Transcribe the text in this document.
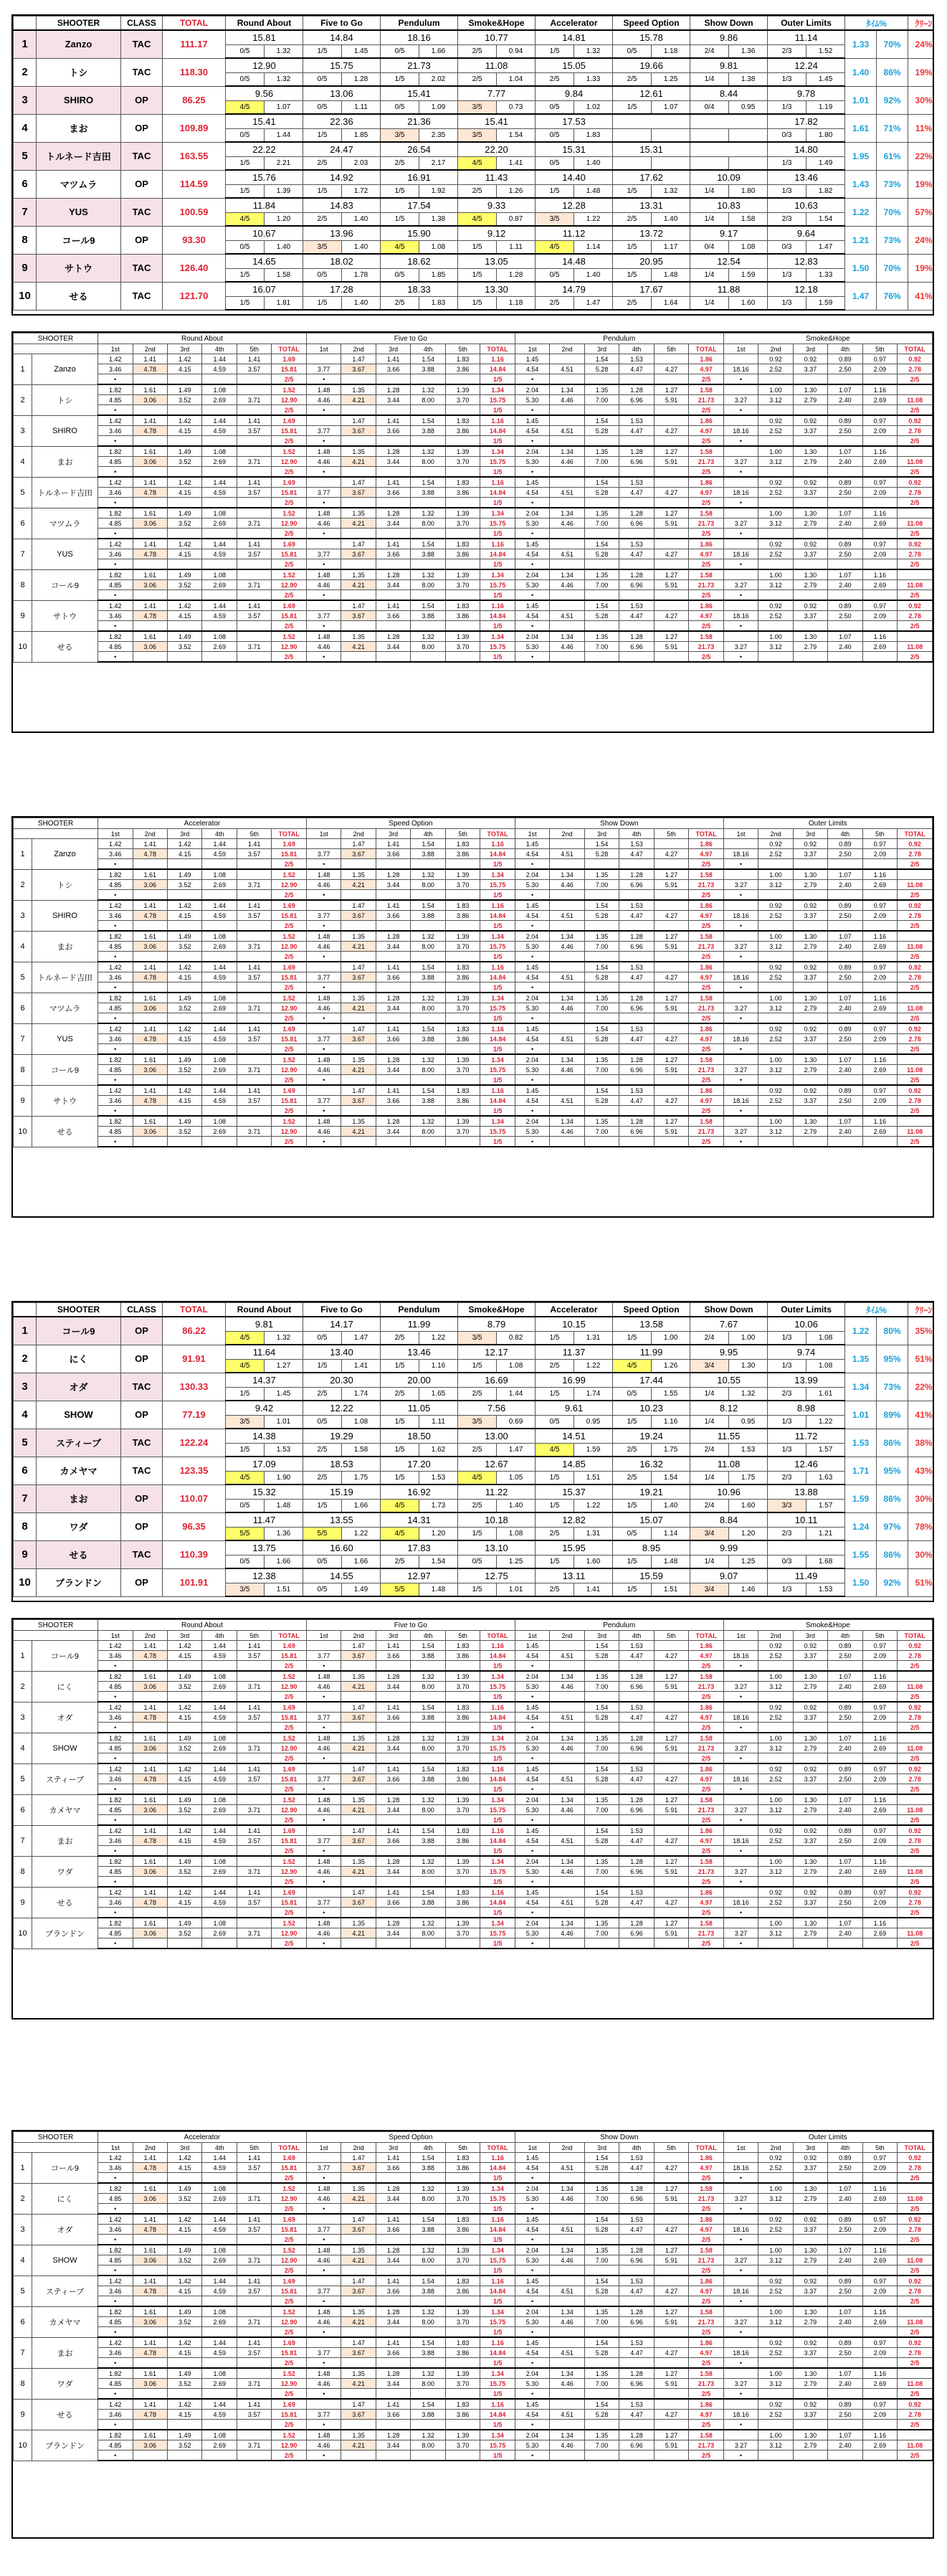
	SHOOTER	CLASS	TOTAL	Round About		Five to Go		Pendulum		Smoke&Hope		Accelerator		Speed Option		Show Down		Outer Limits		ﾀｲﾑ%		ｸﾘｰﾝ
1	Zanzo	TAC	111.17	15.81		14.84		18.16		10.77		14.81		15.78		9.86		11.14		1.33	70%	24%
				0/5	1.32	1/5	1.45	0/5	1.66	2/5	0.94	1/5	1.32	0/5	1.18	2/4	1.36	2/3	1.52			
2	トシ	TAC	118.30	12.90		15.75		21.73		11.08		15.05		19.66		9.81		12.24		1.40	86%	19%
				0/5	1.32	0/5	1.28	1/5	2.02	2/5	1.04	2/5	1.33	2/5	1.25	1/4	1.38	1/3	1.45			
3	SHIRO	OP	86.25	9.56		13.06		15.41		7.77		9.84		12.61		8.44		9.78		1.01	92%	30%
				4/5	1.07	0/5	1.11	0/5	1.09	3/5	0.73	0/5	1.02	1/5	1.07	0/4	0.95	1/3	1.19			
4	まお	OP	109.89	15.41		22.36		21.36		15.41		17.53						17.82		1.61	71%	11%
				0/5	1.44	1/5	1.85	3/5	2.35	3/5	1.54	0/5	1.83					0/3	1.80			
5	トルネード吉田	TAC	163.55	22.22		24.47		26.54		22.20		15.31		15.31				14.80		1.95	61%	22%
				1/5	2.21	2/5	2.03	2/5	2.17	4/5	1.41	0/5	1.40					1/3	1.49			
6	マツムラ	OP	114.59	15.76		14.92		16.91		11.43		14.40		17.62		10.09		13.46		1.43	73%	19%
				1/5	1.39	1/5	1.72	1/5	1.92	2/5	1.26	1/5	1.48	1/5	1.32	1/4	1.80	1/3	1.82			
7	YUS	TAC	100.59	11.84		14.83		17.54		9.33		12.28		13.31		10.83		10.63		1.22	70%	57%
				4/5	1.20	2/5	1.40	1/5	1.38	4/5	0.87	3/5	1.22	2/5	1.40	1/4	1.58	2/3	1.54			
8	コール9	OP	93.30	10.67		13.96		15.90		9.12		11.12		13.72		9.17		9.64		1.21	73%	24%
				0/5	1.40	3/5	1.40	4/5	1.08	1/5	1.11	4/5	1.14	1/5	1.17	0/4	1.08	0/3	1.47			
9	サトウ	TAC	126.40	14.65		18.02		18.62		13.05		14.48		20.95		12.54		12.83		1.50	70%	19%
				1/5	1.58	0/5	1.78	0/5	1.85	1/5	1.28	0/5	1.40	1/5	1.48	1/4	1.59	1/3	1.33			
10	せる	TAC	121.70	16.07		17.28		18.33		13.30		14.79		17.67		11.88		12.18		1.47	76%	41%
				1/5	1.81	1/5	1.40	2/5	1.83	1/5	1.18	2/5	1.47	2/5	1.64	1/4	1.60	1/3	1.59			
SHOOTER		Round About						Five to Go						Pendulum						Smoke&Hope					
		1st	2nd	3rd	4th	5th	TOTAL	1st	2nd	3rd	4th	5th	TOTAL	1st	2nd	3rd	4th	5th	TOTAL	1st	2nd	3rd	4th	5th	TOTAL
1	Zanzo	1.42	1.41	1.42	1.44	1.41	1.69		1.47	1.41	1.54	1.83	1.16	1.45		1.54	1.53		1.86		0.92	0.92	0.89	0.97	0.92
		3.46	4.78	4.15	4.59	3.57	15.81	3.77	3.67	3.66	3.88	3.86	14.84	4.54	4.51	5.28	4.47	4.27	4.97	18.16	2.52	3.37	2.50	2.09	2.78
		•					2/5	•					1/5	•					2/5	•					2/5
2	トシ	1.82	1.61	1.49	1.08		1.52	1.48	1.35	1.28	1.32	1.39	1.34	2.04	1.34	1.35	1.28	1.27	1.58		1.00	1.30	1.07	1.16	
		4.85	3.06	3.52	2.69	3.71	12.90	4.46	4.21	3.44	8.00	3.70	15.75	5.30	4.46	7.00	6.96	5.91	21.73	3.27	3.12	2.79	2.40	2.69	11.08
		•					2/5	•					1/5	•					2/5	•					2/5
3	SHIRO	1.42	1.41	1.42	1.44	1.41	1.69		1.47	1.41	1.54	1.83	1.16	1.45		1.54	1.53		1.86		0.92	0.92	0.89	0.97	0.92
		3.46	4.78	4.15	4.59	3.57	15.81	3.77	3.67	3.66	3.88	3.86	14.84	4.54	4.51	5.28	4.47	4.27	4.97	18.16	2.52	3.37	2.50	2.09	2.78
		•					2/5	•					1/5	•					2/5	•					2/5
4	まお	1.82	1.61	1.49	1.08		1.52	1.48	1.35	1.28	1.32	1.39	1.34	2.04	1.34	1.35	1.28	1.27	1.58		1.00	1.30	1.07	1.16	
		4.85	3.06	3.52	2.69	3.71	12.90	4.46	4.21	3.44	8.00	3.70	15.75	5.30	4.46	7.00	6.96	5.91	21.73	3.27	3.12	2.79	2.40	2.69	11.08
		•					2/5	•					1/5	•					2/5	•					2/5
5	トルネード吉田	1.42	1.41	1.42	1.44	1.41	1.69		1.47	1.41	1.54	1.83	1.16	1.45		1.54	1.53		1.86		0.92	0.92	0.89	0.97	0.92
		3.46	4.78	4.15	4.59	3.57	15.81	3.77	3.67	3.66	3.88	3.86	14.84	4.54	4.51	5.28	4.47	4.27	4.97	18.16	2.52	3.37	2.50	2.09	2.78
		•					2/5	•					1/5	•					2/5	•					2/5
6	マツムラ	1.82	1.61	1.49	1.08		1.52	1.48	1.35	1.28	1.32	1.39	1.34	2.04	1.34	1.35	1.28	1.27	1.58		1.00	1.30	1.07	1.16	
		4.85	3.06	3.52	2.69	3.71	12.90	4.46	4.21	3.44	8.00	3.70	15.75	5.30	4.46	7.00	6.96	5.91	21.73	3.27	3.12	2.79	2.40	2.69	11.08
		•					2/5	•					1/5	•					2/5	•					2/5
7	YUS	1.42	1.41	1.42	1.44	1.41	1.69		1.47	1.41	1.54	1.83	1.16	1.45		1.54	1.53		1.86		0.92	0.92	0.89	0.97	0.92
		3.46	4.78	4.15	4.59	3.57	15.81	3.77	3.67	3.66	3.88	3.86	14.84	4.54	4.51	5.28	4.47	4.27	4.97	18.16	2.52	3.37	2.50	2.09	2.78
		•					2/5	•					1/5	•					2/5	•					2/5
8	コール9	1.82	1.61	1.49	1.08		1.52	1.48	1.35	1.28	1.32	1.39	1.34	2.04	1.34	1.35	1.28	1.27	1.58		1.00	1.30	1.07	1.16	
		4.85	3.06	3.52	2.69	3.71	12.90	4.46	4.21	3.44	8.00	3.70	15.75	5.30	4.46	7.00	6.96	5.91	21.73	3.27	3.12	2.79	2.40	2.69	11.08
		•					2/5	•					1/5	•					2/5	•					2/5
9	サトウ	1.42	1.41	1.42	1.44	1.41	1.69		1.47	1.41	1.54	1.83	1.16	1.45		1.54	1.53		1.86		0.92	0.92	0.89	0.97	0.92
		3.46	4.78	4.15	4.59	3.57	15.81	3.77	3.67	3.66	3.88	3.86	14.84	4.54	4.51	5.28	4.47	4.27	4.97	18.16	2.52	3.37	2.50	2.09	2.78
		•					2/5	•					1/5	•					2/5	•					2/5
10	せる	1.82	1.61	1.49	1.08		1.52	1.48	1.35	1.28	1.32	1.39	1.34	2.04	1.34	1.35	1.28	1.27	1.58		1.00	1.30	1.07	1.16	
		4.85	3.06	3.52	2.69	3.71	12.90	4.46	4.21	3.44	8.00	3.70	15.75	5.30	4.46	7.00	6.96	5.91	21.73	3.27	3.12	2.79	2.40	2.69	11.08
		•					2/5	•					1/5	•					2/5	•					2/5
SHOOTER		Accelerator						Speed Option						Show Down						Outer Limits					
		1st	2nd	3rd	4th	5th	TOTAL	1st	2nd	3rd	4th	5th	TOTAL	1st	2nd	3rd	4th	5th	TOTAL	1st	2nd	3rd	4th	5th	TOTAL
1	Zanzo	1.42	1.41	1.42	1.44	1.41	1.69		1.47	1.41	1.54	1.83	1.16	1.45		1.54	1.53		1.86		0.92	0.92	0.89	0.97	0.92
		3.46	4.78	4.15	4.59	3.57	15.81	3.77	3.67	3.66	3.88	3.86	14.84	4.54	4.51	5.28	4.47	4.27	4.97	18.16	2.52	3.37	2.50	2.09	2.78
		•					2/5	•					1/5	•					2/5	•					2/5
2	トシ	1.82	1.61	1.49	1.08		1.52	1.48	1.35	1.28	1.32	1.39	1.34	2.04	1.34	1.35	1.28	1.27	1.58		1.00	1.30	1.07	1.16	
		4.85	3.06	3.52	2.69	3.71	12.90	4.46	4.21	3.44	8.00	3.70	15.75	5.30	4.46	7.00	6.96	5.91	21.73	3.27	3.12	2.79	2.40	2.69	11.08
		•					2/5	•					1/5	•					2/5	•					2/5
3	SHIRO	1.42	1.41	1.42	1.44	1.41	1.69		1.47	1.41	1.54	1.83	1.16	1.45		1.54	1.53		1.86		0.92	0.92	0.89	0.97	0.92
		3.46	4.78	4.15	4.59	3.57	15.81	3.77	3.67	3.66	3.88	3.86	14.84	4.54	4.51	5.28	4.47	4.27	4.97	18.16	2.52	3.37	2.50	2.09	2.78
		•					2/5	•					1/5	•					2/5	•					2/5
4	まお	1.82	1.61	1.49	1.08		1.52	1.48	1.35	1.28	1.32	1.39	1.34	2.04	1.34	1.35	1.28	1.27	1.58		1.00	1.30	1.07	1.16	
		4.85	3.06	3.52	2.69	3.71	12.90	4.46	4.21	3.44	8.00	3.70	15.75	5.30	4.46	7.00	6.96	5.91	21.73	3.27	3.12	2.79	2.40	2.69	11.08
		•					2/5	•					1/5	•					2/5	•					2/5
5	トルネード吉田	1.42	1.41	1.42	1.44	1.41	1.69		1.47	1.41	1.54	1.83	1.16	1.45		1.54	1.53		1.86		0.92	0.92	0.89	0.97	0.92
		3.46	4.78	4.15	4.59	3.57	15.81	3.77	3.67	3.66	3.88	3.86	14.84	4.54	4.51	5.28	4.47	4.27	4.97	18.16	2.52	3.37	2.50	2.09	2.78
		•					2/5	•					1/5	•					2/5	•					2/5
6	マツムラ	1.82	1.61	1.49	1.08		1.52	1.48	1.35	1.28	1.32	1.39	1.34	2.04	1.34	1.35	1.28	1.27	1.58		1.00	1.30	1.07	1.16	
		4.85	3.06	3.52	2.69	3.71	12.90	4.46	4.21	3.44	8.00	3.70	15.75	5.30	4.46	7.00	6.96	5.91	21.73	3.27	3.12	2.79	2.40	2.69	11.08
		•					2/5	•					1/5	•					2/5	•					2/5
7	YUS	1.42	1.41	1.42	1.44	1.41	1.69		1.47	1.41	1.54	1.83	1.16	1.45		1.54	1.53		1.86		0.92	0.92	0.89	0.97	0.92
		3.46	4.78	4.15	4.59	3.57	15.81	3.77	3.67	3.66	3.88	3.86	14.84	4.54	4.51	5.28	4.47	4.27	4.97	18.16	2.52	3.37	2.50	2.09	2.78
		•					2/5	•					1/5	•					2/5	•					2/5
8	コール9	1.82	1.61	1.49	1.08		1.52	1.48	1.35	1.28	1.32	1.39	1.34	2.04	1.34	1.35	1.28	1.27	1.58		1.00	1.30	1.07	1.16	
		4.85	3.06	3.52	2.69	3.71	12.90	4.46	4.21	3.44	8.00	3.70	15.75	5.30	4.46	7.00	6.96	5.91	21.73	3.27	3.12	2.79	2.40	2.69	11.08
		•					2/5	•					1/5	•					2/5	•					2/5
9	サトウ	1.42	1.41	1.42	1.44	1.41	1.69		1.47	1.41	1.54	1.83	1.16	1.45		1.54	1.53		1.86		0.92	0.92	0.89	0.97	0.92
		3.46	4.78	4.15	4.59	3.57	15.81	3.77	3.67	3.66	3.88	3.86	14.84	4.54	4.51	5.28	4.47	4.27	4.97	18.16	2.52	3.37	2.50	2.09	2.78
		•					2/5	•					1/5	•					2/5	•					2/5
10	せる	1.82	1.61	1.49	1.08		1.52	1.48	1.35	1.28	1.32	1.39	1.34	2.04	1.34	1.35	1.28	1.27	1.58		1.00	1.30	1.07	1.16	
		4.85	3.06	3.52	2.69	3.71	12.90	4.46	4.21	3.44	8.00	3.70	15.75	5.30	4.46	7.00	6.96	5.91	21.73	3.27	3.12	2.79	2.40	2.69	11.08
		•					2/5	•					1/5	•					2/5	•					2/5
	SHOOTER	CLASS	TOTAL	Round About		Five to Go		Pendulum		Smoke&Hope		Accelerator		Speed Option		Show Down		Outer Limits		ﾀｲﾑ%		ｸﾘｰﾝ
1	コール9	OP	86.22	9.81		14.17		11.99		8.79		10.15		13.58		7.67		10.06		1.22	80%	35%
				4/5	1.32	0/5	1.47	2/5	1.22	3/5	0.82	1/5	1.31	1/5	1.00	2/4	1.00	1/3	1.08			
2	にく	OP	91.91	11.64		13.40		13.46		12.17		11.37		11.99		9.95		9.74		1.35	95%	51%
				4/5	1.27	1/5	1.41	1/5	1.16	1/5	1.08	2/5	1.22	4/5	1.26	3/4	1.30	1/3	1.08			
3	オダ	TAC	130.33	14.37		20.30		20.00		16.69		16.99		17.44		10.55		13.99		1.34	73%	22%
				1/5	1.45	2/5	1.74	2/5	1.65	2/5	1.44	1/5	1.74	0/5	1.55	1/4	1.32	2/3	1.61			
4	SHOW	OP	77.19	9.42		12.22		11.05		7.56		9.61		10.23		8.12		8.98		1.01	89%	41%
				3/5	1.01	0/5	1.08	1/5	1.11	3/5	0.69	0/5	0.95	1/5	1.16	1/4	0.95	1/3	1.22			
5	スティーブ	TAC	122.24	14.38		19.29		18.50		13.00		14.51		19.24		11.55		11.72		1.53	86%	38%
				1/5	1.53	2/5	1.58	1/5	1.62	2/5	1.47	4/5	1.59	2/5	1.75	2/4	1.53	1/3	1.57			
6	カメヤマ	TAC	123.35	17.09		18.53		17.20		12.67		14.85		16.32		11.08		12.46		1.71	95%	43%
				4/5	1.90	2/5	1.75	1/5	1.53	4/5	1.05	1/5	1.51	2/5	1.54	1/4	1.75	2/3	1.63			
7	まお	OP	110.07	15.32		15.19		16.92		11.22		15.37		19.21		10.96		13.88		1.59	86%	30%
				0/5	1.48	1/5	1.66	4/5	1.73	2/5	1.40	1/5	1.22	1/5	1.40	2/4	1.60	3/3	1.57			
8	ワダ	OP	96.35	11.47		13.55		14.31		10.18		12.82		15.07		8.84		10.11		1.24	97%	78%
				5/5	1.36	5/5	1.22	4/5	1.20	1/5	1.08	2/5	1.31	0/5	1.14	3/4	1.20	2/3	1.21			
9	せる	TAC	110.39	13.75		16.60		17.83		13.10		15.95		8.95		9.99				1.55	86%	30%
				0/5	1.66	0/5	1.66	2/5	1.54	0/5	1.25	1/5	1.60	1/5	1.48	1/4	1.25	0/3	1.68			
10	ブランドン	OP	101.91	12.38		14.55		12.97		12.75		13.11		15.59		9.07		11.49		1.50	92%	51%
				3/5	1.51	0/5	1.49	5/5	1.48	1/5	1.01	2/5	1.41	1/5	1.51	3/4	1.46	1/3	1.53			
SHOOTER		Round About						Five to Go						Pendulum						Smoke&Hope					
		1st	2nd	3rd	4th	5th	TOTAL	1st	2nd	3rd	4th	5th	TOTAL	1st	2nd	3rd	4th	5th	TOTAL	1st	2nd	3rd	4th	5th	TOTAL
1	コール9	1.42	1.41	1.42	1.44	1.41	1.69		1.47	1.41	1.54	1.83	1.16	1.45		1.54	1.53		1.86		0.92	0.92	0.89	0.97	0.92
		3.46	4.78	4.15	4.59	3.57	15.81	3.77	3.67	3.66	3.88	3.86	14.84	4.54	4.51	5.28	4.47	4.27	4.97	18.16	2.52	3.37	2.50	2.09	2.78
		•					2/5	•					1/5	•					2/5	•					2/5
2	にく	1.82	1.61	1.49	1.08		1.52	1.48	1.35	1.28	1.32	1.39	1.34	2.04	1.34	1.35	1.28	1.27	1.58		1.00	1.30	1.07	1.16	
		4.85	3.06	3.52	2.69	3.71	12.90	4.46	4.21	3.44	8.00	3.70	15.75	5.30	4.46	7.00	6.96	5.91	21.73	3.27	3.12	2.79	2.40	2.69	11.08
		•					2/5	•					1/5	•					2/5	•					2/5
3	オダ	1.42	1.41	1.42	1.44	1.41	1.69		1.47	1.41	1.54	1.83	1.16	1.45		1.54	1.53		1.86		0.92	0.92	0.89	0.97	0.92
		3.46	4.78	4.15	4.59	3.57	15.81	3.77	3.67	3.66	3.88	3.86	14.84	4.54	4.51	5.28	4.47	4.27	4.97	18.16	2.52	3.37	2.50	2.09	2.78
		•					2/5	•					1/5	•					2/5	•					2/5
4	SHOW	1.82	1.61	1.49	1.08		1.52	1.48	1.35	1.28	1.32	1.39	1.34	2.04	1.34	1.35	1.28	1.27	1.58		1.00	1.30	1.07	1.16	
		4.85	3.06	3.52	2.69	3.71	12.90	4.46	4.21	3.44	8.00	3.70	15.75	5.30	4.46	7.00	6.96	5.91	21.73	3.27	3.12	2.79	2.40	2.69	11.08
		•					2/5	•					1/5	•					2/5	•					2/5
5	スティーブ	1.42	1.41	1.42	1.44	1.41	1.69		1.47	1.41	1.54	1.83	1.16	1.45		1.54	1.53		1.86		0.92	0.92	0.89	0.97	0.92
		3.46	4.78	4.15	4.59	3.57	15.81	3.77	3.67	3.66	3.88	3.86	14.84	4.54	4.51	5.28	4.47	4.27	4.97	18.16	2.52	3.37	2.50	2.09	2.78
		•					2/5	•					1/5	•					2/5	•					2/5
6	カメヤマ	1.82	1.61	1.49	1.08		1.52	1.48	1.35	1.28	1.32	1.39	1.34	2.04	1.34	1.35	1.28	1.27	1.58		1.00	1.30	1.07	1.16	
		4.85	3.06	3.52	2.69	3.71	12.90	4.46	4.21	3.44	8.00	3.70	15.75	5.30	4.46	7.00	6.96	5.91	21.73	3.27	3.12	2.79	2.40	2.69	11.08
		•					2/5	•					1/5	•					2/5	•					2/5
7	まお	1.42	1.41	1.42	1.44	1.41	1.69		1.47	1.41	1.54	1.83	1.16	1.45		1.54	1.53		1.86		0.92	0.92	0.89	0.97	0.92
		3.46	4.78	4.15	4.59	3.57	15.81	3.77	3.67	3.66	3.88	3.86	14.84	4.54	4.51	5.28	4.47	4.27	4.97	18.16	2.52	3.37	2.50	2.09	2.78
		•					2/5	•					1/5	•					2/5	•					2/5
8	ワダ	1.82	1.61	1.49	1.08		1.52	1.48	1.35	1.28	1.32	1.39	1.34	2.04	1.34	1.35	1.28	1.27	1.58		1.00	1.30	1.07	1.16	
		4.85	3.06	3.52	2.69	3.71	12.90	4.46	4.21	3.44	8.00	3.70	15.75	5.30	4.46	7.00	6.96	5.91	21.73	3.27	3.12	2.79	2.40	2.69	11.08
		•					2/5	•					1/5	•					2/5	•					2/5
9	せる	1.42	1.41	1.42	1.44	1.41	1.69		1.47	1.41	1.54	1.83	1.16	1.45		1.54	1.53		1.86		0.92	0.92	0.89	0.97	0.92
		3.46	4.78	4.15	4.59	3.57	15.81	3.77	3.67	3.66	3.88	3.86	14.84	4.54	4.51	5.28	4.47	4.27	4.97	18.16	2.52	3.37	2.50	2.09	2.78
		•					2/5	•					1/5	•					2/5	•					2/5
10	ブランドン	1.82	1.61	1.49	1.08		1.52	1.48	1.35	1.28	1.32	1.39	1.34	2.04	1.34	1.35	1.28	1.27	1.58		1.00	1.30	1.07	1.16	
		4.85	3.06	3.52	2.69	3.71	12.90	4.46	4.21	3.44	8.00	3.70	15.75	5.30	4.46	7.00	6.96	5.91	21.73	3.27	3.12	2.79	2.40	2.69	11.08
		•					2/5	•					1/5	•					2/5	•					2/5
SHOOTER		Accelerator						Speed Option						Show Down						Outer Limits					
		1st	2nd	3rd	4th	5th	TOTAL	1st	2nd	3rd	4th	5th	TOTAL	1st	2nd	3rd	4th	5th	TOTAL	1st	2nd	3rd	4th	5th	TOTAL
1	コール9	1.42	1.41	1.42	1.44	1.41	1.69		1.47	1.41	1.54	1.83	1.16	1.45		1.54	1.53		1.86		0.92	0.92	0.89	0.97	0.92
		3.46	4.78	4.15	4.59	3.57	15.81	3.77	3.67	3.66	3.88	3.86	14.84	4.54	4.51	5.28	4.47	4.27	4.97	18.16	2.52	3.37	2.50	2.09	2.78
		•					2/5	•					1/5	•					2/5	•					2/5
2	にく	1.82	1.61	1.49	1.08		1.52	1.48	1.35	1.28	1.32	1.39	1.34	2.04	1.34	1.35	1.28	1.27	1.58		1.00	1.30	1.07	1.16	
		4.85	3.06	3.52	2.69	3.71	12.90	4.46	4.21	3.44	8.00	3.70	15.75	5.30	4.46	7.00	6.96	5.91	21.73	3.27	3.12	2.79	2.40	2.69	11.08
		•					2/5	•					1/5	•					2/5	•					2/5
3	オダ	1.42	1.41	1.42	1.44	1.41	1.69		1.47	1.41	1.54	1.83	1.16	1.45		1.54	1.53		1.86		0.92	0.92	0.89	0.97	0.92
		3.46	4.78	4.15	4.59	3.57	15.81	3.77	3.67	3.66	3.88	3.86	14.84	4.54	4.51	5.28	4.47	4.27	4.97	18.16	2.52	3.37	2.50	2.09	2.78
		•					2/5	•					1/5	•					2/5	•					2/5
4	SHOW	1.82	1.61	1.49	1.08		1.52	1.48	1.35	1.28	1.32	1.39	1.34	2.04	1.34	1.35	1.28	1.27	1.58		1.00	1.30	1.07	1.16	
		4.85	3.06	3.52	2.69	3.71	12.90	4.46	4.21	3.44	8.00	3.70	15.75	5.30	4.46	7.00	6.96	5.91	21.73	3.27	3.12	2.79	2.40	2.69	11.08
		•					2/5	•					1/5	•					2/5	•					2/5
5	スティーブ	1.42	1.41	1.42	1.44	1.41	1.69		1.47	1.41	1.54	1.83	1.16	1.45		1.54	1.53		1.86		0.92	0.92	0.89	0.97	0.92
		3.46	4.78	4.15	4.59	3.57	15.81	3.77	3.67	3.66	3.88	3.86	14.84	4.54	4.51	5.28	4.47	4.27	4.97	18.16	2.52	3.37	2.50	2.09	2.78
		•					2/5	•					1/5	•					2/5	•					2/5
6	カメヤマ	1.82	1.61	1.49	1.08		1.52	1.48	1.35	1.28	1.32	1.39	1.34	2.04	1.34	1.35	1.28	1.27	1.58		1.00	1.30	1.07	1.16	
		4.85	3.06	3.52	2.69	3.71	12.90	4.46	4.21	3.44	8.00	3.70	15.75	5.30	4.46	7.00	6.96	5.91	21.73	3.27	3.12	2.79	2.40	2.69	11.08
		•					2/5	•					1/5	•					2/5	•					2/5
7	まお	1.42	1.41	1.42	1.44	1.41	1.69		1.47	1.41	1.54	1.83	1.16	1.45		1.54	1.53		1.86		0.92	0.92	0.89	0.97	0.92
		3.46	4.78	4.15	4.59	3.57	15.81	3.77	3.67	3.66	3.88	3.86	14.84	4.54	4.51	5.28	4.47	4.27	4.97	18.16	2.52	3.37	2.50	2.09	2.78
		•					2/5	•					1/5	•					2/5	•					2/5
8	ワダ	1.82	1.61	1.49	1.08		1.52	1.48	1.35	1.28	1.32	1.39	1.34	2.04	1.34	1.35	1.28	1.27	1.58		1.00	1.30	1.07	1.16	
		4.85	3.06	3.52	2.69	3.71	12.90	4.46	4.21	3.44	8.00	3.70	15.75	5.30	4.46	7.00	6.96	5.91	21.73	3.27	3.12	2.79	2.40	2.69	11.08
		•					2/5	•					1/5	•					2/5	•					2/5
9	せる	1.42	1.41	1.42	1.44	1.41	1.69		1.47	1.41	1.54	1.83	1.16	1.45		1.54	1.53		1.86		0.92	0.92	0.89	0.97	0.92
		3.46	4.78	4.15	4.59	3.57	15.81	3.77	3.67	3.66	3.88	3.86	14.84	4.54	4.51	5.28	4.47	4.27	4.97	18.16	2.52	3.37	2.50	2.09	2.78
		•					2/5	•					1/5	•					2/5	•					2/5
10	ブランドン	1.82	1.61	1.49	1.08		1.52	1.48	1.35	1.28	1.32	1.39	1.34	2.04	1.34	1.35	1.28	1.27	1.58		1.00	1.30	1.07	1.16	
		4.85	3.06	3.52	2.69	3.71	12.90	4.46	4.21	3.44	8.00	3.70	15.75	5.30	4.46	7.00	6.96	5.91	21.73	3.27	3.12	2.79	2.40	2.69	11.08
		•					2/5	•					1/5	•					2/5	•					2/5
